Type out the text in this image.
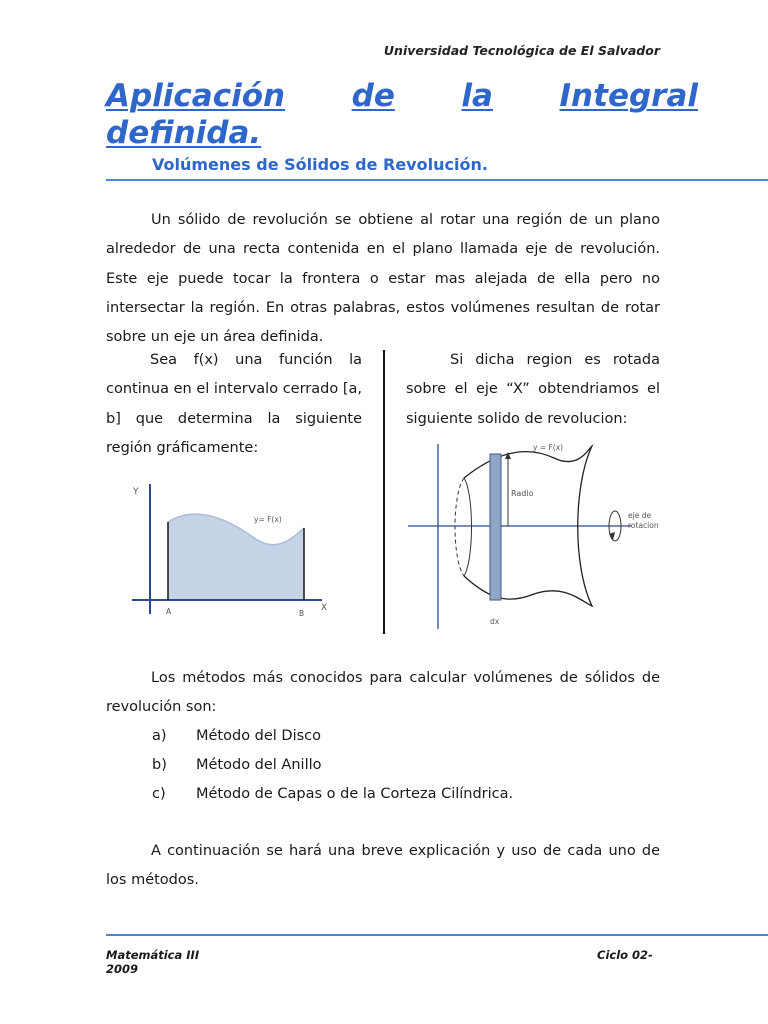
Universidad Tecnológica de El Salvador
Aplicación de la Integral
definida.
Volúmenes de Sólidos de Revolución.
Un sólido de revolución se obtiene al rotar una región de un plano alrededor de una recta contenida en el plano llamada eje de revolución. Este eje puede tocar la frontera o estar mas alejada de ella pero no intersectar la región. En otras palabras, estos volúmenes resultan de rotar sobre un eje un área definida.
Sea f(x) una función la continua en el intervalo cerrado [a, b] que determina la siguiente región gráficamente:
Si dicha region es rotada sobre el eje “X” obtendriamos el siguiente solido de revolucion:
Y
X
y= F(x)
A	B
y = F(x)
Radio
eje de
rotacion
dx
Los métodos más conocidos para calcular volúmenes de sólidos de revolución son:
a) Método del Disco
b) Método del Anillo
c) Método de Capas o de la Corteza Cilíndrica.
A continuación se hará una breve explicación y uso de cada uno de los métodos.
Matemática III
2009
Ciclo 02-
